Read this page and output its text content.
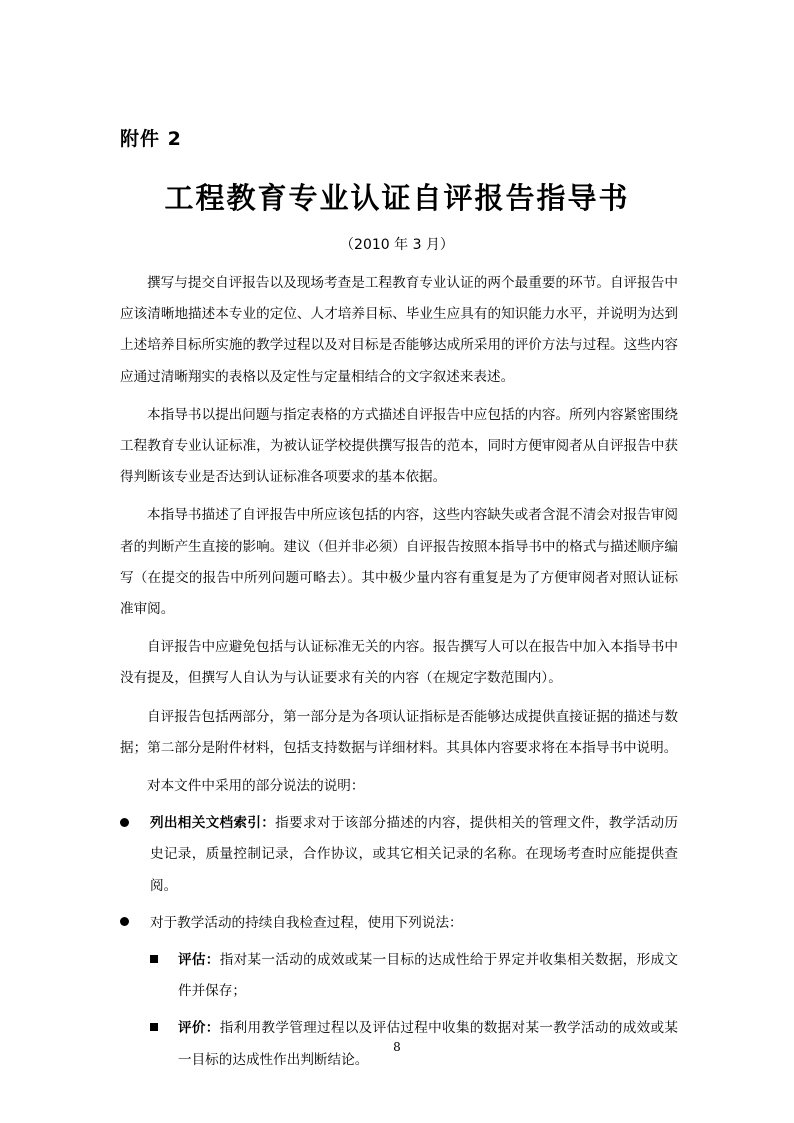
附件 2
工程教育专业认证自评报告指导书
（2010 年 3 月）

撰写与提交自评报告以及现场考查是工程教育专业认证的两个最重要的环节。自评报告中应该清晰地描述本专业的定位、人才培养目标、毕业生应具有的知识能力水平，并说明为达到上述培养目标所实施的教学过程以及对目标是否能够达成所采用的评价方法与过程。这些内容应通过清晰翔实的表格以及定性与定量相结合的文字叙述来表述。

本指导书以提出问题与指定表格的方式描述自评报告中应包括的内容。所列内容紧密围绕工程教育专业认证标准，为被认证学校提供撰写报告的范本，同时方便审阅者从自评报告中获得判断该专业是否达到认证标准各项要求的基本依据。

本指导书描述了自评报告中所应该包括的内容，这些内容缺失或者含混不清会对报告审阅者的判断产生直接的影响。建议（但并非必须）自评报告按照本指导书中的格式与描述顺序编写（在提交的报告中所列问题可略去）。其中极少量内容有重复是为了方便审阅者对照认证标准审阅。

自评报告中应避免包括与认证标准无关的内容。报告撰写人可以在报告中加入本指导书中没有提及，但撰写人自认为与认证要求有关的内容（在规定字数范围内）。

自评报告包括两部分，第一部分是为各项认证指标是否能够达成提供直接证据的描述与数据；第二部分是附件材料，包括支持数据与详细材料。其具体内容要求将在本指导书中说明。

对本文件中采用的部分说法的说明：
列出相关文档索引：指要求对于该部分描述的内容，提供相关的管理文件，教学活动历史记录，质量控制记录，合作协议，或其它相关记录的名称。在现场考查时应能提供查阅。
对于教学活动的持续自我检查过程，使用下列说法：
评估：指对某一活动的成效或某一目标的达成性给于界定并收集相关数据，形成文件并保存；
评价：指利用教学管理过程以及评估过程中收集的数据对某一教学活动的成效或某一目标的达成性作出判断结论。
8
